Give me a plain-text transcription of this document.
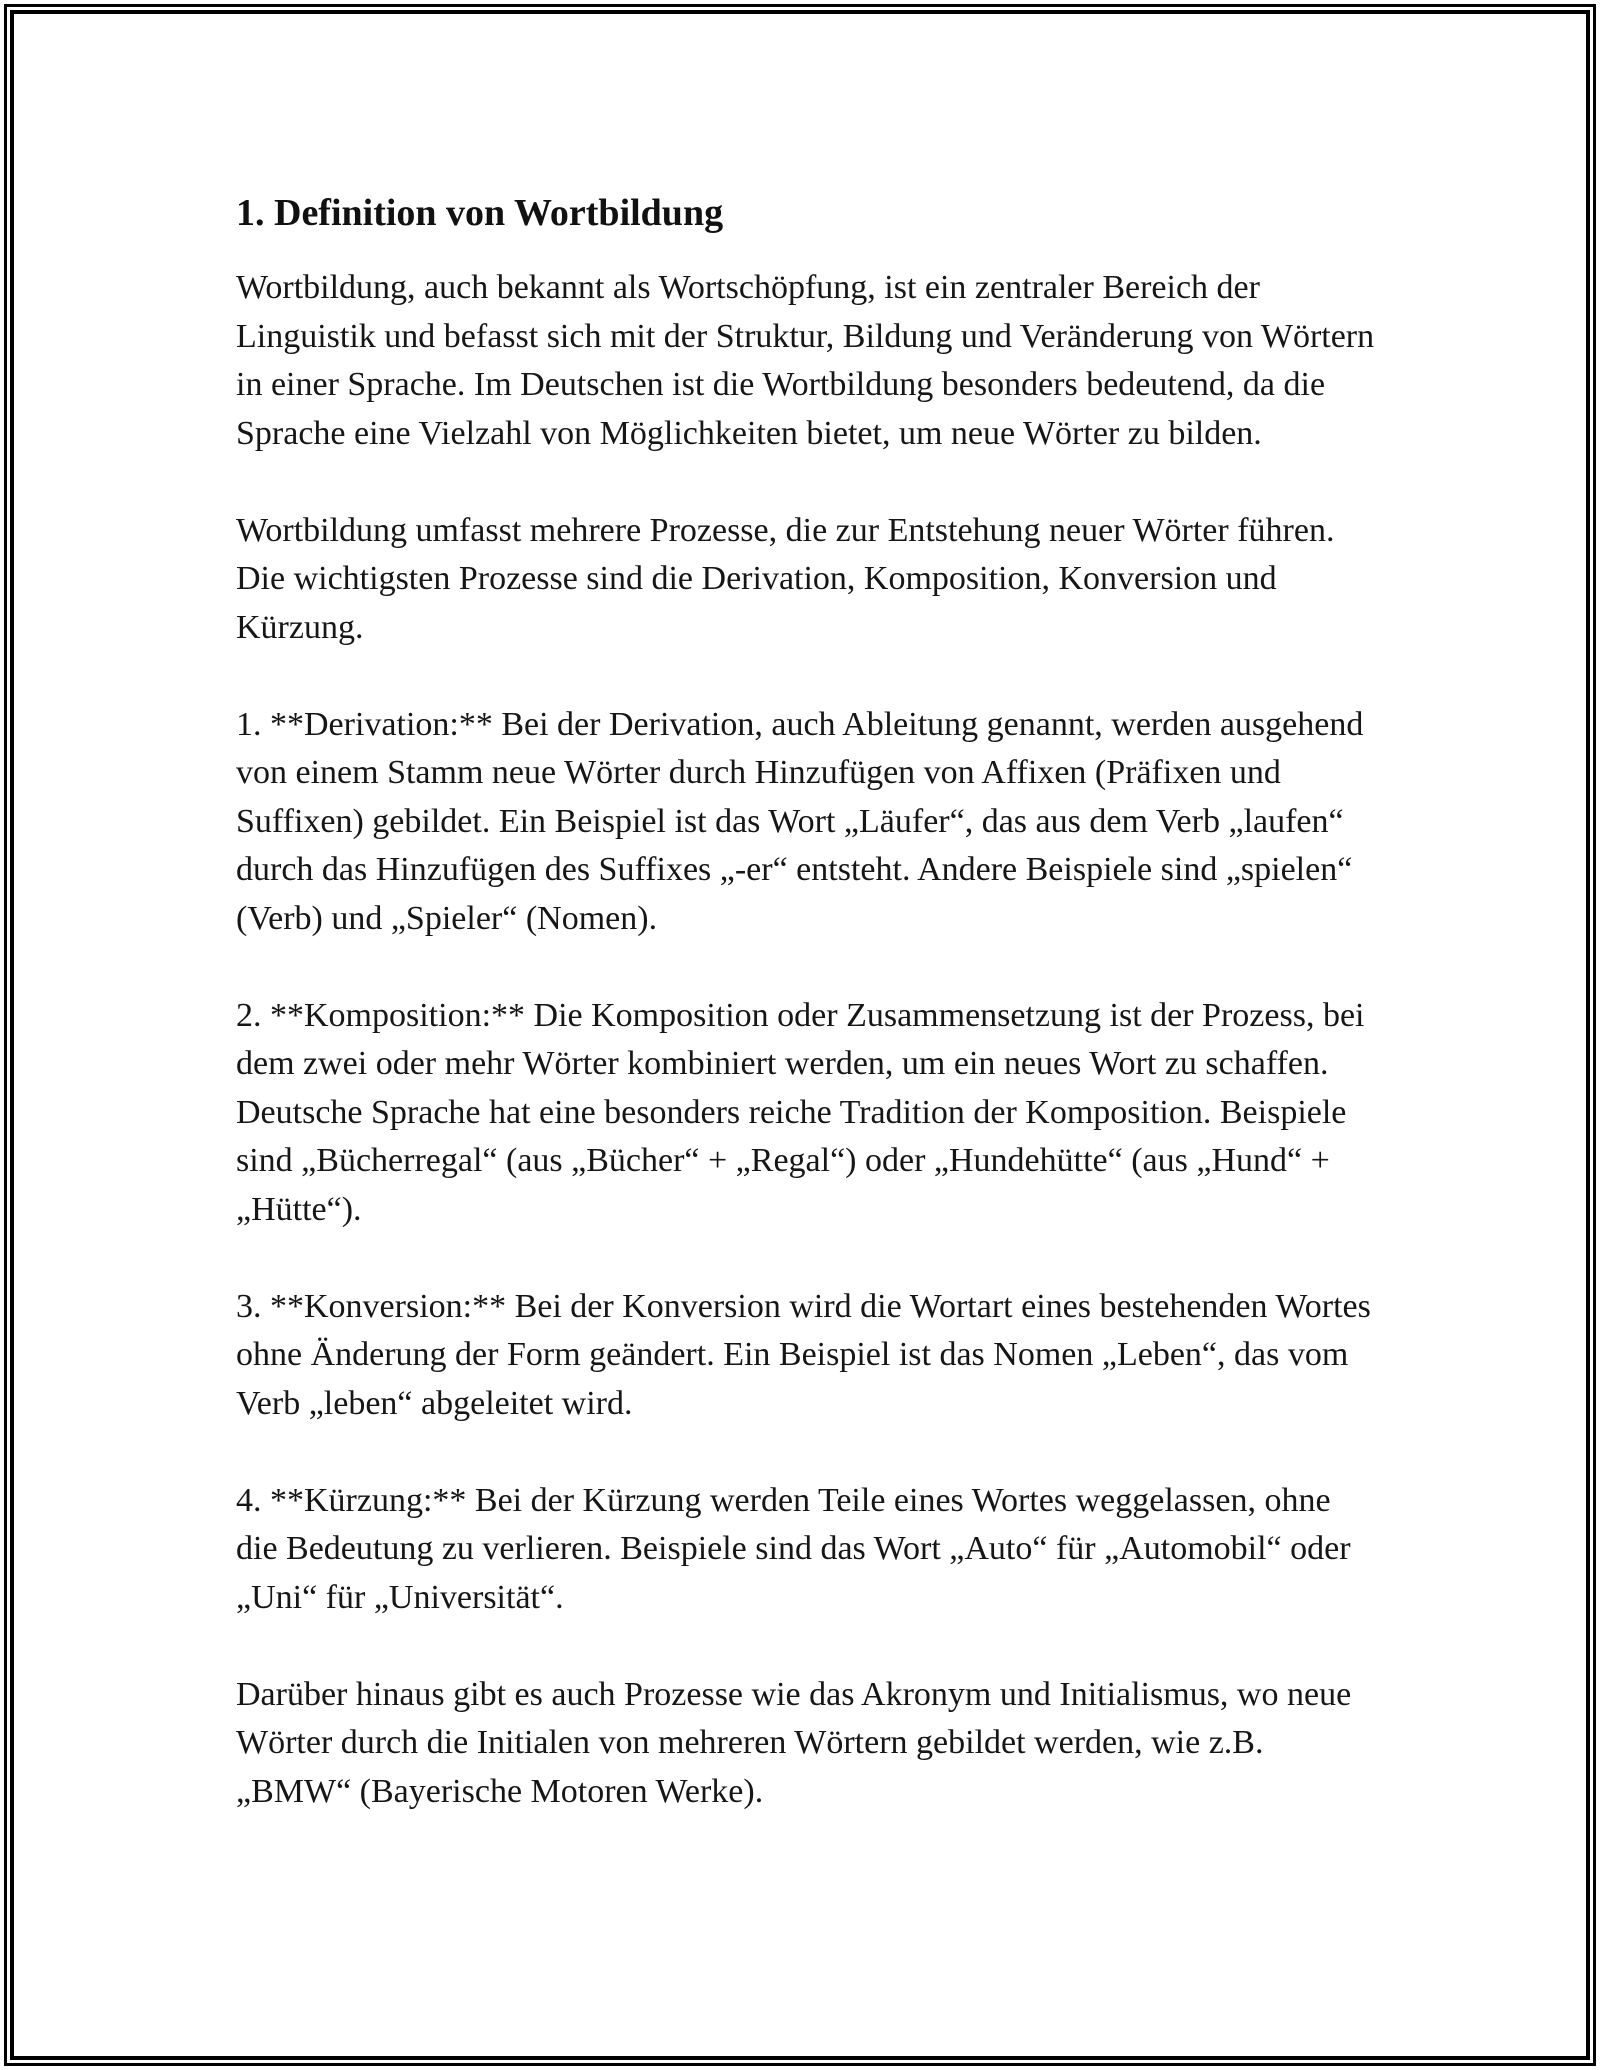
1. Definition von Wortbildung

Wortbildung, auch bekannt als Wortschöpfung, ist ein zentraler Bereich der Linguistik und befasst sich mit der Struktur, Bildung und Veränderung von Wörtern in einer Sprache. Im Deutschen ist die Wortbildung besonders bedeutend, da die Sprache eine Vielzahl von Möglichkeiten bietet, um neue Wörter zu bilden.

Wortbildung umfasst mehrere Prozesse, die zur Entstehung neuer Wörter führen. Die wichtigsten Prozesse sind die Derivation, Komposition, Konversion und Kürzung.

1. **Derivation:** Bei der Derivation, auch Ableitung genannt, werden ausgehend von einem Stamm neue Wörter durch Hinzufügen von Affixen (Präfixen und Suffixen) gebildet. Ein Beispiel ist das Wort „Läufer“, das aus dem Verb „laufen“ durch das Hinzufügen des Suffixes „-er“ entsteht. Andere Beispiele sind „spielen“ (Verb) und „Spieler“ (Nomen).

2. **Komposition:** Die Komposition oder Zusammensetzung ist der Prozess, bei dem zwei oder mehr Wörter kombiniert werden, um ein neues Wort zu schaffen. Deutsche Sprache hat eine besonders reiche Tradition der Komposition. Beispiele sind „Bücherregal“ (aus „Bücher“ + „Regal“) oder „Hundehütte“ (aus „Hund“ + „Hütte“).

3. **Konversion:** Bei der Konversion wird die Wortart eines bestehenden Wortes ohne Änderung der Form geändert. Ein Beispiel ist das Nomen „Leben“, das vom Verb „leben“ abgeleitet wird.

4. **Kürzung:** Bei der Kürzung werden Teile eines Wortes weggelassen, ohne die Bedeutung zu verlieren. Beispiele sind das Wort „Auto“ für „Automobil“ oder „Uni“ für „Universität“.

Darüber hinaus gibt es auch Prozesse wie das Akronym und Initialismus, wo neue Wörter durch die Initialen von mehreren Wörtern gebildet werden, wie z.B. „BMW“ (Bayerische Motoren Werke).
